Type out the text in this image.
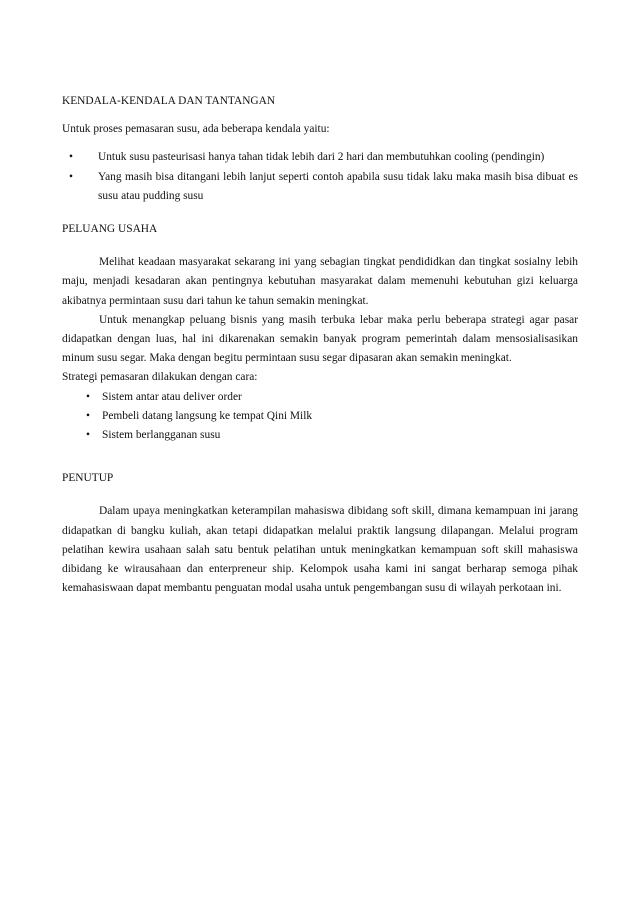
KENDALA-KENDALA DAN TANTANGAN

Untuk proses pemasaran susu, ada beberapa kendala yaitu:

• Untuk susu pasteurisasi hanya tahan tidak lebih dari 2 hari dan membutuhkan cooling (pendingin)
• Yang masih bisa ditangani lebih lanjut seperti contoh apabila susu tidak laku maka masih bisa dibuat es susu atau pudding susu
PELUANG USAHA

Melihat keadaan masyarakat sekarang ini yang sebagian tingkat pendididkan dan tingkat sosialny lebih maju, menjadi kesadaran akan pentingnya kebutuhan masyarakat dalam memenuhi kebutuhan gizi keluarga akibatnya permintaan susu dari tahun ke tahun semakin meningkat.

Untuk menangkap peluang bisnis yang masih terbuka lebar maka perlu beberapa strategi agar pasar didapatkan dengan luas, hal ini dikarenakan semakin banyak program pemerintah dalam mensosialisasikan minum susu segar. Maka dengan begitu permintaan susu segar dipasaran akan semakin meningkat.

Strategi pemasaran dilakukan dengan cara:

• Sistem antar atau deliver order
• Pembeli datang langsung ke tempat Qini Milk
• Sistem berlangganan susu
PENUTUP

Dalam upaya meningkatkan keterampilan mahasiswa dibidang soft skill, dimana kemampuan ini jarang didapatkan di bangku kuliah, akan tetapi didapatkan melalui praktik langsung dilapangan. Melalui program pelatihan kewira usahaan salah satu bentuk pelatihan untuk meningkatkan kemampuan soft skill mahasiswa dibidang ke wirausahaan dan enterpreneur ship. Kelompok usaha kami ini sangat berharap semoga pihak kemahasiswaan dapat membantu penguatan modal usaha untuk pengembangan susu di wilayah perkotaan ini.
